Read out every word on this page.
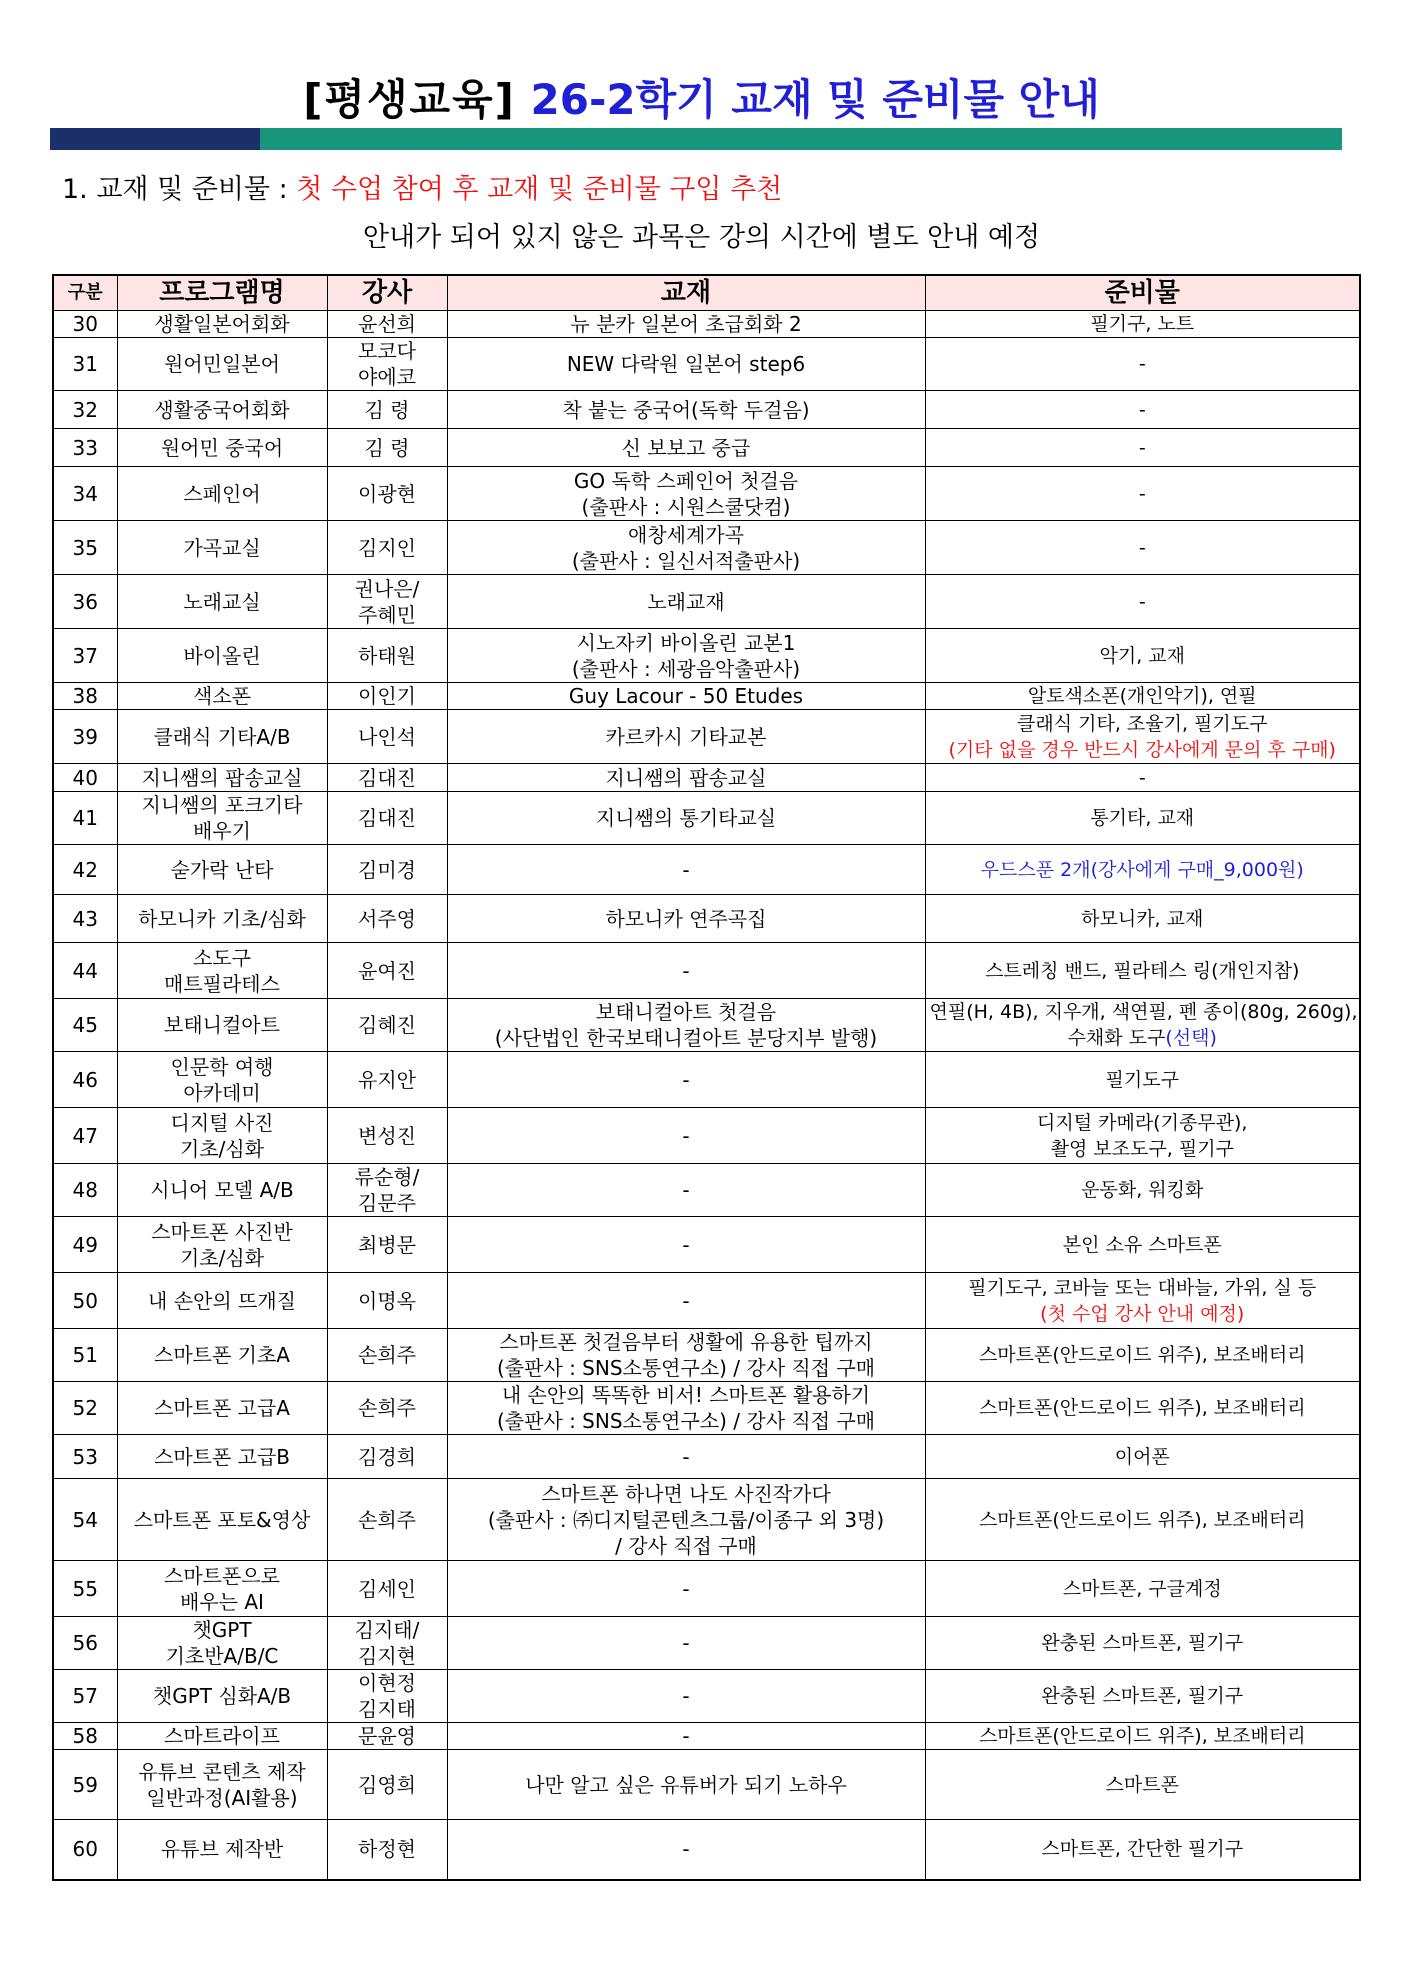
[평생교육] 26-2학기 교재 및 준비물 안내
1. 교재 및 준비물 : 첫 수업 참여 후 교재 및 준비물 구입 추천
안내가 되어 있지 않은 과목은 강의 시간에 별도 안내 예정
구분	프로그램명	강사	교재	준비물
30	생활일본어회화	윤선희	뉴 분카 일본어 초급회화 2	필기구, 노트

31	원어민일본어	모코다
야에코	NEW 다락원 일본어 step6	-

32	생활중국어회화	김 령	착 붙는 중국어(독학 두걸음)	-

33	원어민 중국어	김 령	신 보보고 중급	-

34	스페인어	이광현	GO 독학 스페인어 첫걸음
(출판사 : 시원스쿨닷컴)	-

35	가곡교실	김지인	애창세계가곡
(출판사 : 일신서적출판사)	-

36	노래교실	권나은/
주혜민	노래교재	-

37	바이올린	하태원	시노자키 바이올린 교본1
(출판사 : 세광음악출판사)	악기, 교재

38	색소폰	이인기	Guy Lacour - 50 Etudes	알토색소폰(개인악기), 연필

39	클래식 기타A/B	나인석	카르카시 기타교본	클래식 기타, 조율기, 필기도구
(기타 없을 경우 반드시 강사에게 문의 후 구매)

40	지니쌤의 팝송교실	김대진	지니쌤의 팝송교실	-

41	지니쌤의 포크기타
배우기	김대진	지니쌤의 통기타교실	통기타, 교재

42	숟가락 난타	김미경	-	우드스푼 2개(강사에게 구매_9,000원)

43	하모니카 기초/심화	서주영	하모니카 연주곡집	하모니카, 교재

44	소도구
매트필라테스	윤여진	-	스트레칭 밴드, 필라테스 링(개인지참)

45	보태니컬아트	김혜진	보태니컬아트 첫걸음
(사단법인 한국보태니컬아트 분당지부 발행)	연필(H, 4B), 지우개, 색연필, 펜 종이(80g, 260g),
수채화 도구(선택)

46	인문학 여행
아카데미	유지안	-	필기도구

47	디지털 사진
기초/심화	변성진	-	디지털 카메라(기종무관),
촬영 보조도구, 필기구

48	시니어 모델 A/B	류순형/
김문주	-	운동화, 워킹화

49	스마트폰 사진반
기초/심화	최병문	-	본인 소유 스마트폰

50	내 손안의 뜨개질	이명옥	-	필기도구, 코바늘 또는 대바늘, 가위, 실 등
(첫 수업 강사 안내 예정)

51	스마트폰 기초A	손희주	스마트폰 첫걸음부터 생활에 유용한 팁까지
(출판사 : SNS소통연구소) / 강사 직접 구매	스마트폰(안드로이드 위주), 보조배터리

52	스마트폰 고급A	손희주	내 손안의 똑똑한 비서! 스마트폰 활용하기
(출판사 : SNS소통연구소) / 강사 직접 구매	스마트폰(안드로이드 위주), 보조배터리

53	스마트폰 고급B	김경희	-	이어폰

54	스마트폰 포토&영상	손희주	스마트폰 하나면 나도 사진작가다
(출판사 : ㈜디지털콘텐츠그룹/이종구 외 3명)
/ 강사 직접 구매	스마트폰(안드로이드 위주), 보조배터리

55	스마트폰으로
배우는 AI	김세인	-	스마트폰, 구글계정

56	챗GPT
기초반A/B/C	김지태/
김지현	-	완충된 스마트폰, 필기구

57	챗GPT 심화A/B	이현정
김지태	-	완충된 스마트폰, 필기구

58	스마트라이프	문윤영	-	스마트폰(안드로이드 위주), 보조배터리

59	유튜브 콘텐츠 제작
일반과정(AI활용)	김영희	나만 알고 싶은 유튜버가 되기 노하우	스마트폰

60	유튜브 제작반	하정현	-	스마트폰, 간단한 필기구
